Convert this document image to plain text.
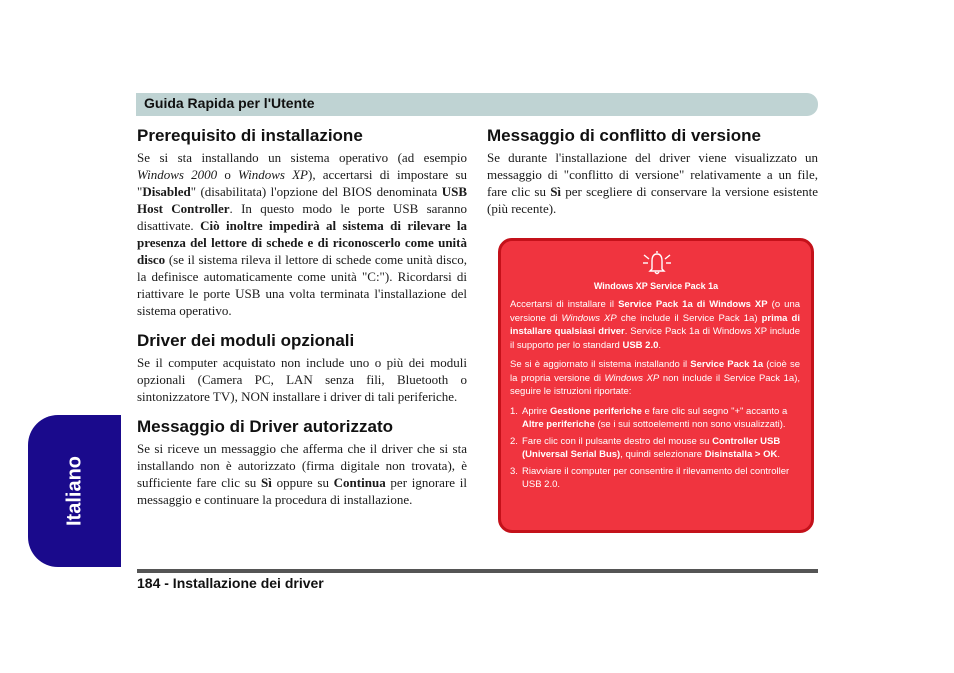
Guida Rapida per l'Utente
Italiano
Prerequisito di installazione

Se si sta installando un sistema operativo (ad esempio Windows 2000 o Windows XP), accertarsi di impostare su "Disabled" (disabilitata) l'opzione del BIOS denominata USB Host Controller. In questo modo le porte USB saranno disattivate. Ciò inoltre impedirà al sistema di rilevare la presenza del lettore di schede e di riconoscerlo come unità disco (se il sistema rileva il lettore di schede come unità disco, la definisce automaticamente come unità "C:"). Ricordarsi di riattivare le porte USB una volta terminata l'installazione del sistema operativo.

Driver dei moduli opzionali

Se il computer acquistato non include uno o più dei moduli opzionali (Camera PC, LAN senza fili, Bluetooth o sintonizzatore TV), NON installare i driver di tali periferiche.

Messaggio di Driver autorizzato

Se si riceve un messaggio che afferma che il driver che si sta installando non è autorizzato (firma digitale non trovata), è sufficiente fare clic su Sì oppure su Continua per ignorare il messaggio e continuare la procedura di installazione.

Messaggio di conflitto di versione

Se durante l'installazione del driver viene visualizzato un messaggio di "conflitto di versione" relativamente a un file, fare clic su Sì per scegliere di conservare la versione esistente (più recente).

Windows XP Service Pack 1a

Accertarsi di installare il Service Pack 1a di Windows XP (o una versione di Windows XP che include il Service Pack 1a) prima di installare qualsiasi driver. Service Pack 1a di Windows XP include il supporto per lo standard USB 2.0.

Se si è aggiornato il sistema installando il Service Pack 1a (cioè se la propria versione di Windows XP non include il Service Pack 1a), seguire le istruzioni riportate:

1. Aprire Gestione periferiche e fare clic sul segno "+" accanto a Altre periferiche (se i sui sottoelementi non sono visualizzati).
2. Fare clic con il pulsante destro del mouse su Controller USB (Universal Serial Bus), quindi selezionare Disinstalla > OK.
3. Riavviare il computer per consentire il rilevamento del controller USB 2.0.
184 - Installazione dei driver
